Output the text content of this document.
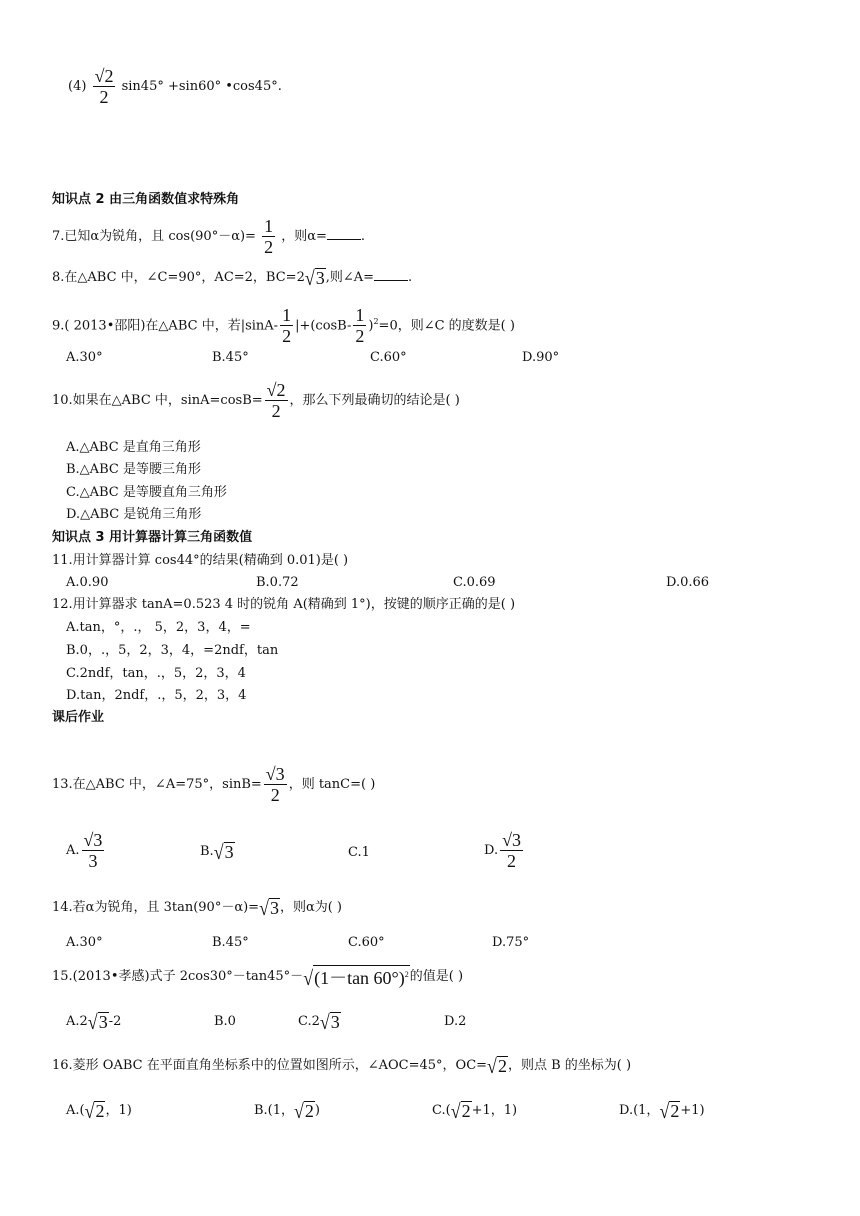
$(4) \frac{√2}{2} \sin 45^\circ +\sin 60^\circ$ •cos45°.
知识点 2 由三角函数值求特殊角
7.已知α为锐角，且 $\cos(90^\circ-\alpha)= \frac{1}{2}$ ，则α=	.
8.在△ABC 中，∠C=90°，AC=2，BC=2√3,则∠A=	.
9.( 2013•邵阳)在△ABC 中，若$|\sin A- \frac{1}{2} |+(\cos B- \frac{1}{2} )^2=0$，则∠C 的度数是( )
A.30°	B.45°	C.60°	D.90°
10.如果在△ABC 中，$\sin A=\cos B= \frac{√2}{2}$ ，那么下列最确切的结论是( )
A.△ABC 是直角三角形
B.△ABC 是等腰三角形
C.△ABC 是等腰直角三角形
D.△ABC 是锐角三角形
知识点 3 用计算器计算三角函数值
11.用计算器计算 cos44°的结果(精确到 0.01)是( )
A.0.90	B.0.72	C.0.69	D.0.66
12.用计算器求 tanA=0.523 4 时的锐角 A(精确到 1°)，按键的顺序正确的是( )
A.tan，°，.， 5，2，3，4，=
B.0，.，5，2，3，4，=2ndf，tan
C.2ndf，tan，.，5，2，3，4
D.tan，2ndf，.，5，2，3，4
课后作业
13.在△ABC 中，∠A=75°，$\sin B= \frac{√3}{2}$ ，则 tanC=( )
A. $\frac{√3}{3}$	B.√3	C.1	D. $\frac{√3}{2}$
14.若α为锐角，且 3tan(90°－α)=√3，则α为( )
A.30°	B.45°	C.60°	D.75°
15.(2013•孝感)式子 2cos30°－tan45°－√(1－tan 60°)$^2$的值是( )
A.2√3-2	B.0	C.2√3	D.2
16.菱形 OABC 在平面直角坐标系中的位置如图所示，∠AOC=45°，OC=√2，则点 B 的坐标为( )
A.(√2，1)	B.(1，√2)	C.(√2+1，1)	D.(1，√2+1)
